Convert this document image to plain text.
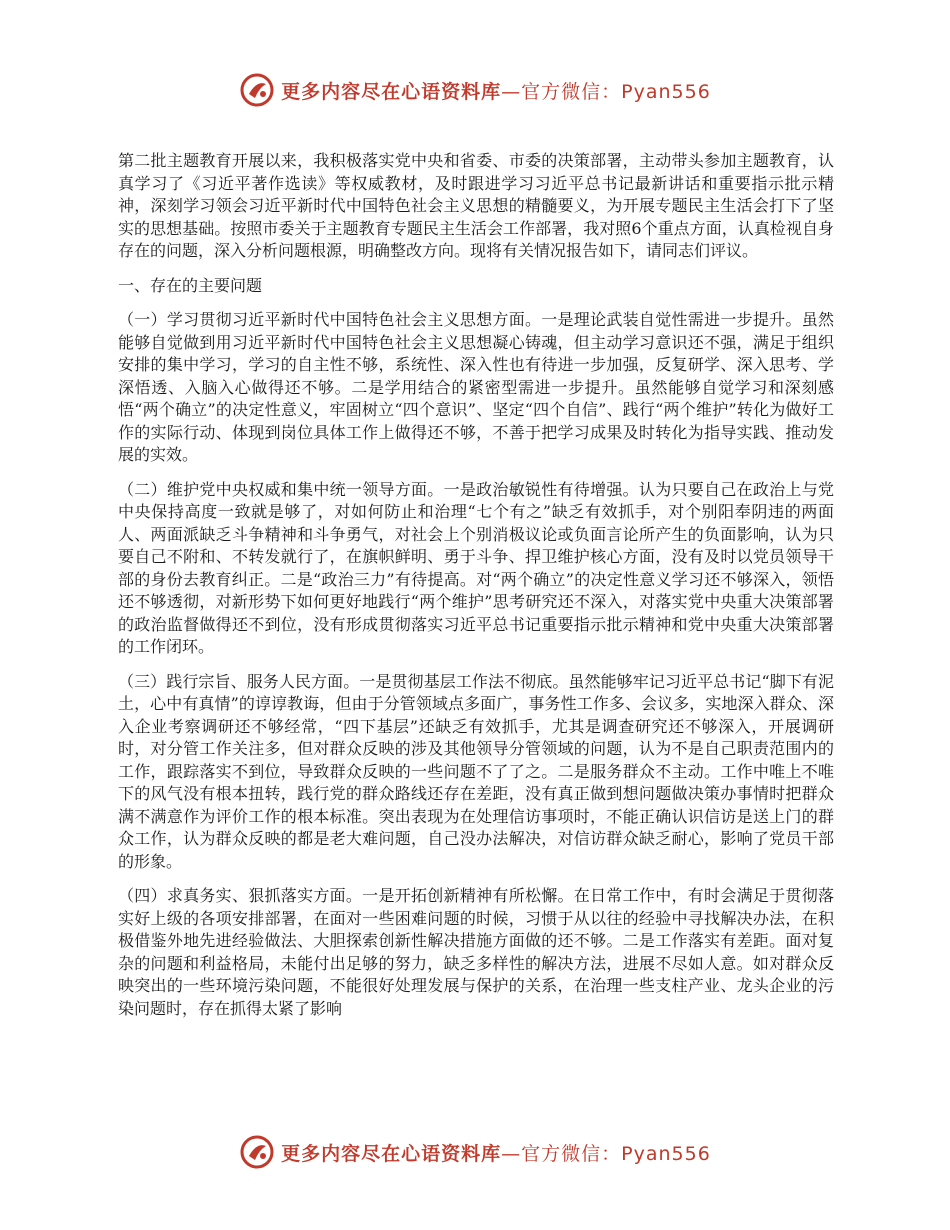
更多内容尽在心语资料库—官方微信：Pyan556

第二批主题教育开展以来，我积极落实党中央和省委、市委的决策部署，主动带头参加主题教育，认真学习了《习近平著作选读》等权威教材，及时跟进学习习近平总书记最新讲话和重要指示批示精神，深刻学习领会习近平新时代中国特色社会主义思想的精髓要义，为开展专题民主生活会打下了坚实的思想基础。按照市委关于主题教育专题民主生活会工作部署，我对照6个重点方面，认真检视自身存在的问题，深入分析问题根源，明确整改方向。现将有关情况报告如下，请同志们评议。

一、存在的主要问题

（一）学习贯彻习近平新时代中国特色社会主义思想方面。一是理论武装自觉性需进一步提升。虽然能够自觉做到用习近平新时代中国特色社会主义思想凝心铸魂，但主动学习意识还不强，满足于组织安排的集中学习，学习的自主性不够，系统性、深入性也有待进一步加强，反复研学、深入思考、学深悟透、入脑入心做得还不够。二是学用结合的紧密型需进一步提升。虽然能够自觉学习和深刻感悟“两个确立”的决定性意义，牢固树立“四个意识”、坚定“四个自信”、践行“两个维护”转化为做好工作的实际行动、体现到岗位具体工作上做得还不够，不善于把学习成果及时转化为指导实践、推动发展的实效。

（二）维护党中央权威和集中统一领导方面。一是政治敏锐性有待增强。认为只要自己在政治上与党中央保持高度一致就是够了，对如何防止和治理“七个有之”缺乏有效抓手，对个别阳奉阴违的两面人、两面派缺乏斗争精神和斗争勇气，对社会上个别消极议论或负面言论所产生的负面影响，认为只要自己不附和、不转发就行了，在旗帜鲜明、勇于斗争、捍卫维护核心方面，没有及时以党员领导干部的身份去教育纠正。二是“政治三力”有待提高。对“两个确立”的决定性意义学习还不够深入，领悟还不够透彻，对新形势下如何更好地践行“两个维护”思考研究还不深入，对落实党中央重大决策部署的政治监督做得还不到位，没有形成贯彻落实习近平总书记重要指示批示精神和党中央重大决策部署的工作闭环。

（三）践行宗旨、服务人民方面。一是贯彻基层工作法不彻底。虽然能够牢记习近平总书记“脚下有泥土，心中有真情”的谆谆教诲，但由于分管领域点多面广，事务性工作多、会议多，实地深入群众、深入企业考察调研还不够经常，“四下基层”还缺乏有效抓手，尤其是调查研究还不够深入，开展调研时，对分管工作关注多，但对群众反映的涉及其他领导分管领域的问题，认为不是自己职责范围内的工作，跟踪落实不到位，导致群众反映的一些问题不了了之。二是服务群众不主动。工作中唯上不唯下的风气没有根本扭转，践行党的群众路线还存在差距，没有真正做到想问题做决策办事情时把群众满不满意作为评价工作的根本标准。突出表现为在处理信访事项时，不能正确认识信访是送上门的群众工作，认为群众反映的都是老大难问题，自己没办法解决，对信访群众缺乏耐心，影响了党员干部的形象。

（四）求真务实、狠抓落实方面。一是开拓创新精神有所松懈。在日常工作中，有时会满足于贯彻落实好上级的各项安排部署，在面对一些困难问题的时候，习惯于从以往的经验中寻找解决办法，在积极借鉴外地先进经验做法、大胆探索创新性解决措施方面做的还不够。二是工作落实有差距。面对复杂的问题和利益格局，未能付出足够的努力，缺乏多样性的解决方法，进展不尽如人意。如对群众反映突出的一些环境污染问题，不能很好处理发展与保护的关系，在治理一些支柱产业、龙头企业的污染问题时，存在抓得太紧了影响

更多内容尽在心语资料库—官方微信：Pyan556
